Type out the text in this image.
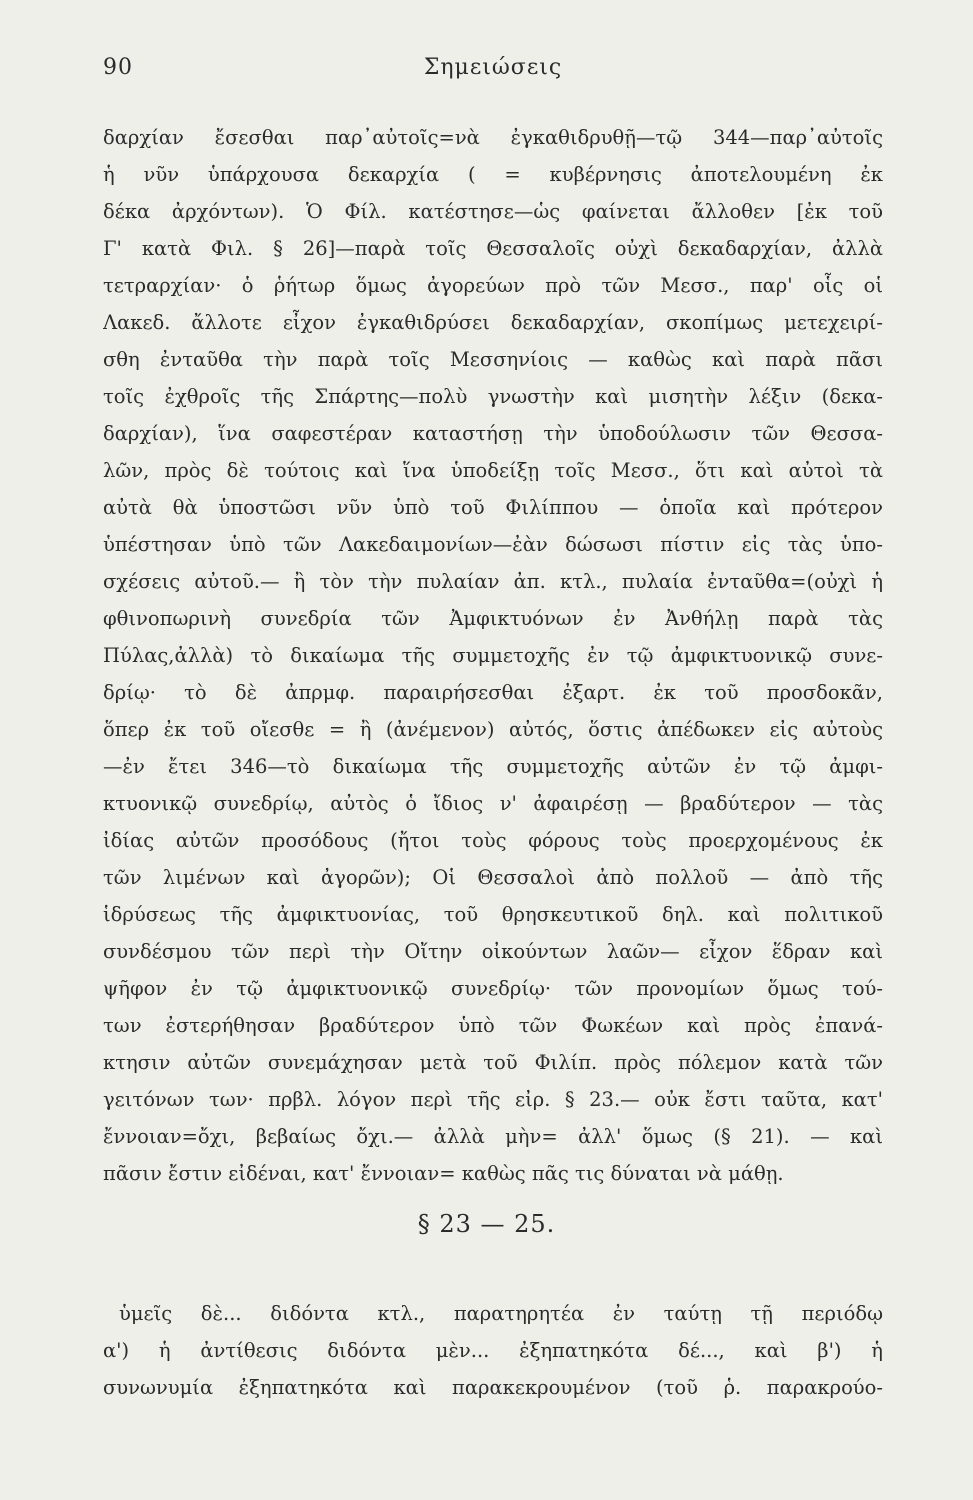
90	Σημειώσεις
δαρχίαν ἔσεσθαι παρ᾽αὐτοῖς=νὰ ἐγκαθιδρυθῇ—τῷ 344—παρ᾽αὐτοῖς
ἡ νῦν ὑπάρχουσα δεκαρχία ( = κυβέρνησις ἀποτελουμένη ἐκ
δέκα ἀρχόντων). Ὁ Φίλ. κατέστησε—ὡς φαίνεται ἄλλοθεν [ἐκ τοῦ
Γ' κατὰ Φιλ. § 26]—παρὰ τοῖς Θεσσαλοῖς οὐχὶ δεκαδαρχίαν, ἀλλὰ
τετραρχίαν· ὁ ῥήτωρ ὅμως ἀγορεύων πρὸ τῶν Μεσσ., παρ' οἷς οἱ
Λακεδ. ἄλλοτε εἶχον ἐγκαθιδρύσει δεκαδαρχίαν, σκοπίμως μετεχειρί-
σθη ἐνταῦθα τὴν παρὰ τοῖς Μεσσηνίοις — καθὼς καὶ παρὰ πᾶσι
τοῖς ἐχθροῖς τῆς Σπάρτης—πολὺ γνωστὴν καὶ μισητὴν λέξιν (δεκα-
δαρχίαν), ἵνα σαφεστέραν καταστήσῃ τὴν ὑποδούλωσιν τῶν Θεσσα-
λῶν, πρὸς δὲ τούτοις καὶ ἵνα ὑποδείξῃ τοῖς Μεσσ., ὅτι καὶ αὐτοὶ τὰ
αὐτὰ θὰ ὑποστῶσι νῦν ὑπὸ τοῦ Φιλίππου — ὁποῖα καὶ πρότερον
ὑπέστησαν ὑπὸ τῶν Λακεδαιμονίων—ἐὰν δώσωσι πίστιν εἰς τὰς ὑπο-
σχέσεις αὐτοῦ.— ἢ τὸν τὴν πυλαίαν ἀπ. κτλ., πυλαία ἐνταῦθα=(οὐχὶ ἡ
φθινοπωρινὴ συνεδρία τῶν Ἀμφικτυόνων ἐν Ἀνθήλῃ παρὰ τὰς
Πύλας,ἀλλὰ) τὸ δικαίωμα τῆς συμμετοχῆς ἐν τῷ ἀμφικτυονικῷ συνε-
δρίῳ· τὸ δὲ ἀπρμφ. παραιρήσεσθαι ἐξαρτ. ἐκ τοῦ προσδοκᾶν,
ὅπερ ἐκ τοῦ οἴεσθε = ἢ (ἀνέμενον) αὐτός, ὅστις ἀπέδωκεν εἰς αὐτοὺς
—ἐν ἔτει 346—τὸ δικαίωμα τῆς συμμετοχῆς αὐτῶν ἐν τῷ ἀμφι-
κτυονικῷ συνεδρίῳ, αὐτὸς ὁ ἴδιος ν' ἀφαιρέσῃ — βραδύτερον — τὰς
ἰδίας αὐτῶν προσόδους (ἤτοι τοὺς φόρους τοὺς προερχομένους ἐκ
τῶν λιμένων καὶ ἀγορῶν); Οἱ Θεσσαλοὶ ἀπὸ πολλοῦ — ἀπὸ τῆς
ἱδρύσεως τῆς ἀμφικτυονίας, τοῦ θρησκευτικοῦ δηλ. καὶ πολιτικοῦ
συνδέσμου τῶν περὶ τὴν Οἴτην οἰκούντων λαῶν— εἶχον ἕδραν καὶ
ψῆφον ἐν τῷ ἀμφικτυονικῷ συνεδρίῳ· τῶν προνομίων ὅμως τού-
των ἐστερήθησαν βραδύτερον ὑπὸ τῶν Φωκέων καὶ πρὸς ἐπανά-
κτησιν αὐτῶν συνεμάχησαν μετὰ τοῦ Φιλίπ. πρὸς πόλεμον κατὰ τῶν
γειτόνων των· πρβλ. λόγον περὶ τῆς εἰρ. § 23.— οὐκ ἔστι ταῦτα, κατ'
ἔννοιαν=ὄχι, βεβαίως ὄχι.— ἀλλὰ μὴν= ἀλλ' ὅμως (§ 21). — καὶ
πᾶσιν ἔστιν εἰδέναι, κατ' ἔννοιαν= καθὼς πᾶς τις δύναται νὰ μάθῃ.
§ 23 — 25.
ὑμεῖς δὲ... διδόντα κτλ., παρατηρητέα ἐν ταύτῃ τῇ περιόδῳ
α') ἡ ἀντίθεσις διδόντα μὲν... ἐξηπατηκότα δέ..., καὶ β') ἡ
συνωνυμία ἐξηπατηκότα καὶ παρακεκρουμένον (τοῦ ῥ. παρακρούο-
